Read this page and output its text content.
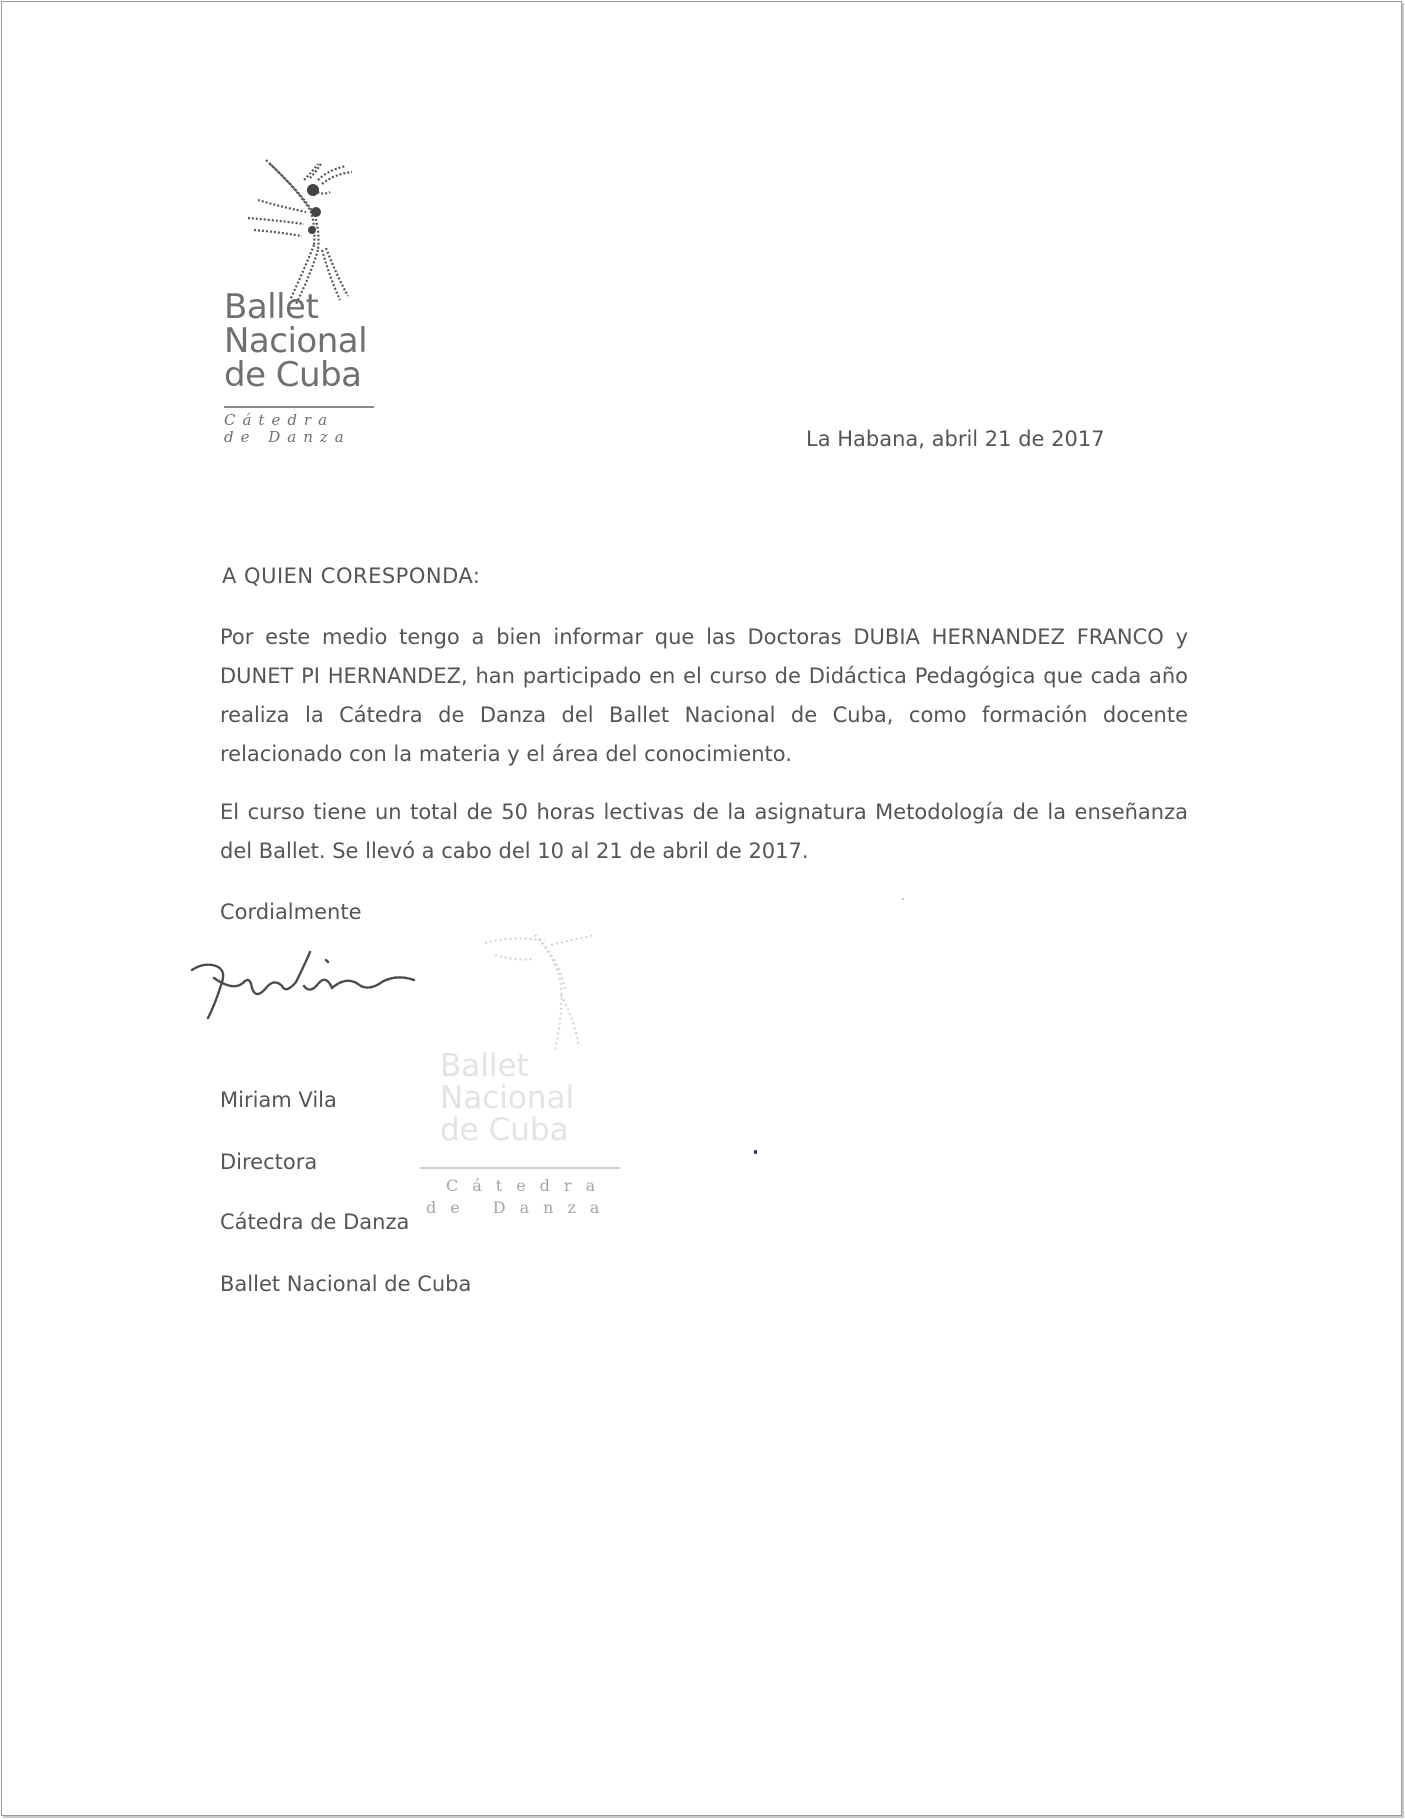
Ballet
Nacional
de Cuba
Cátedra
de Danza	La Habana, abril 21 de 2017
A QUIEN CORESPONDA:
Por este medio tengo a bien informar que las Doctoras DUBIA HERNANDEZ FRANCO y DUNET PI HERNANDEZ, han participado en el curso de Didáctica Pedagógica que cada año realiza la Cátedra de Danza del Ballet Nacional de Cuba, como formación docente relacionado con la materia y el área del conocimiento.
El curso tiene un total de 50 horas lectivas de la asignatura Metodología de la enseñanza del Ballet. Se llevó a cabo del 10 al 21 de abril de 2017.
Cordialmente
Ballet
Nacional
de Cuba
Cátedra
de Danza
Miriam Vila
Directora
Cátedra de Danza
Ballet Nacional de Cuba
